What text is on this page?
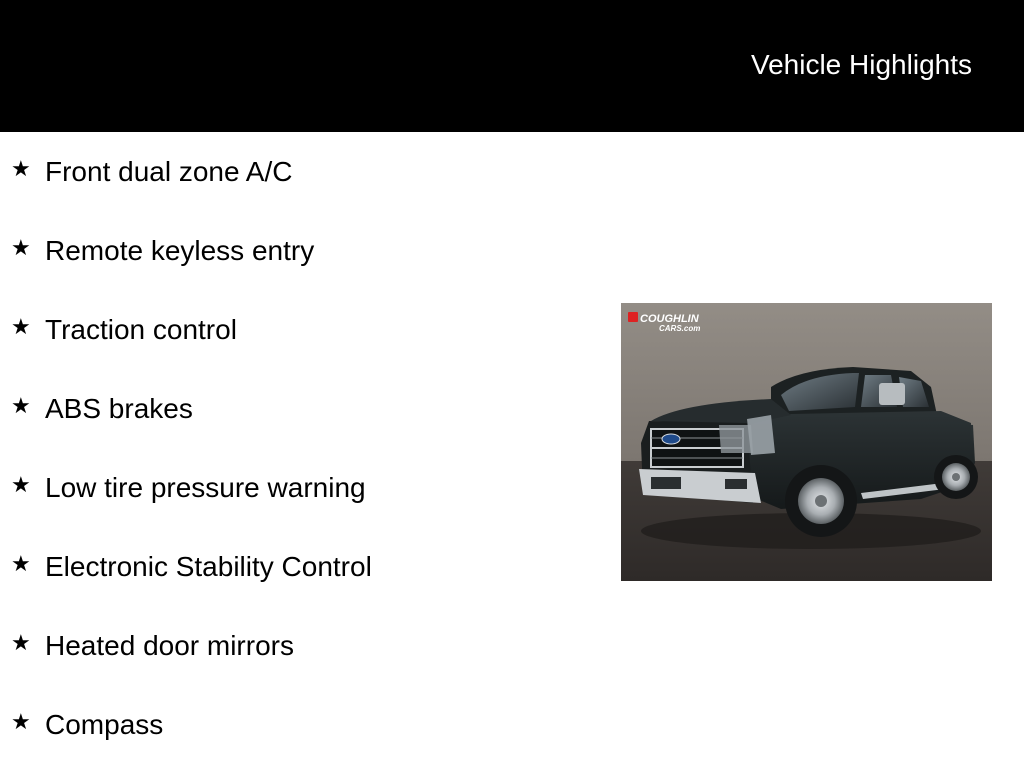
Vehicle Highlights
★ Front dual zone A/C
★ Remote keyless entry
★ Traction control
★ ABS brakes
★ Low tire pressure warning
★ Electronic Stability Control
★ Heated door mirrors
★ Compass
COUGHLIN
CARS.com
